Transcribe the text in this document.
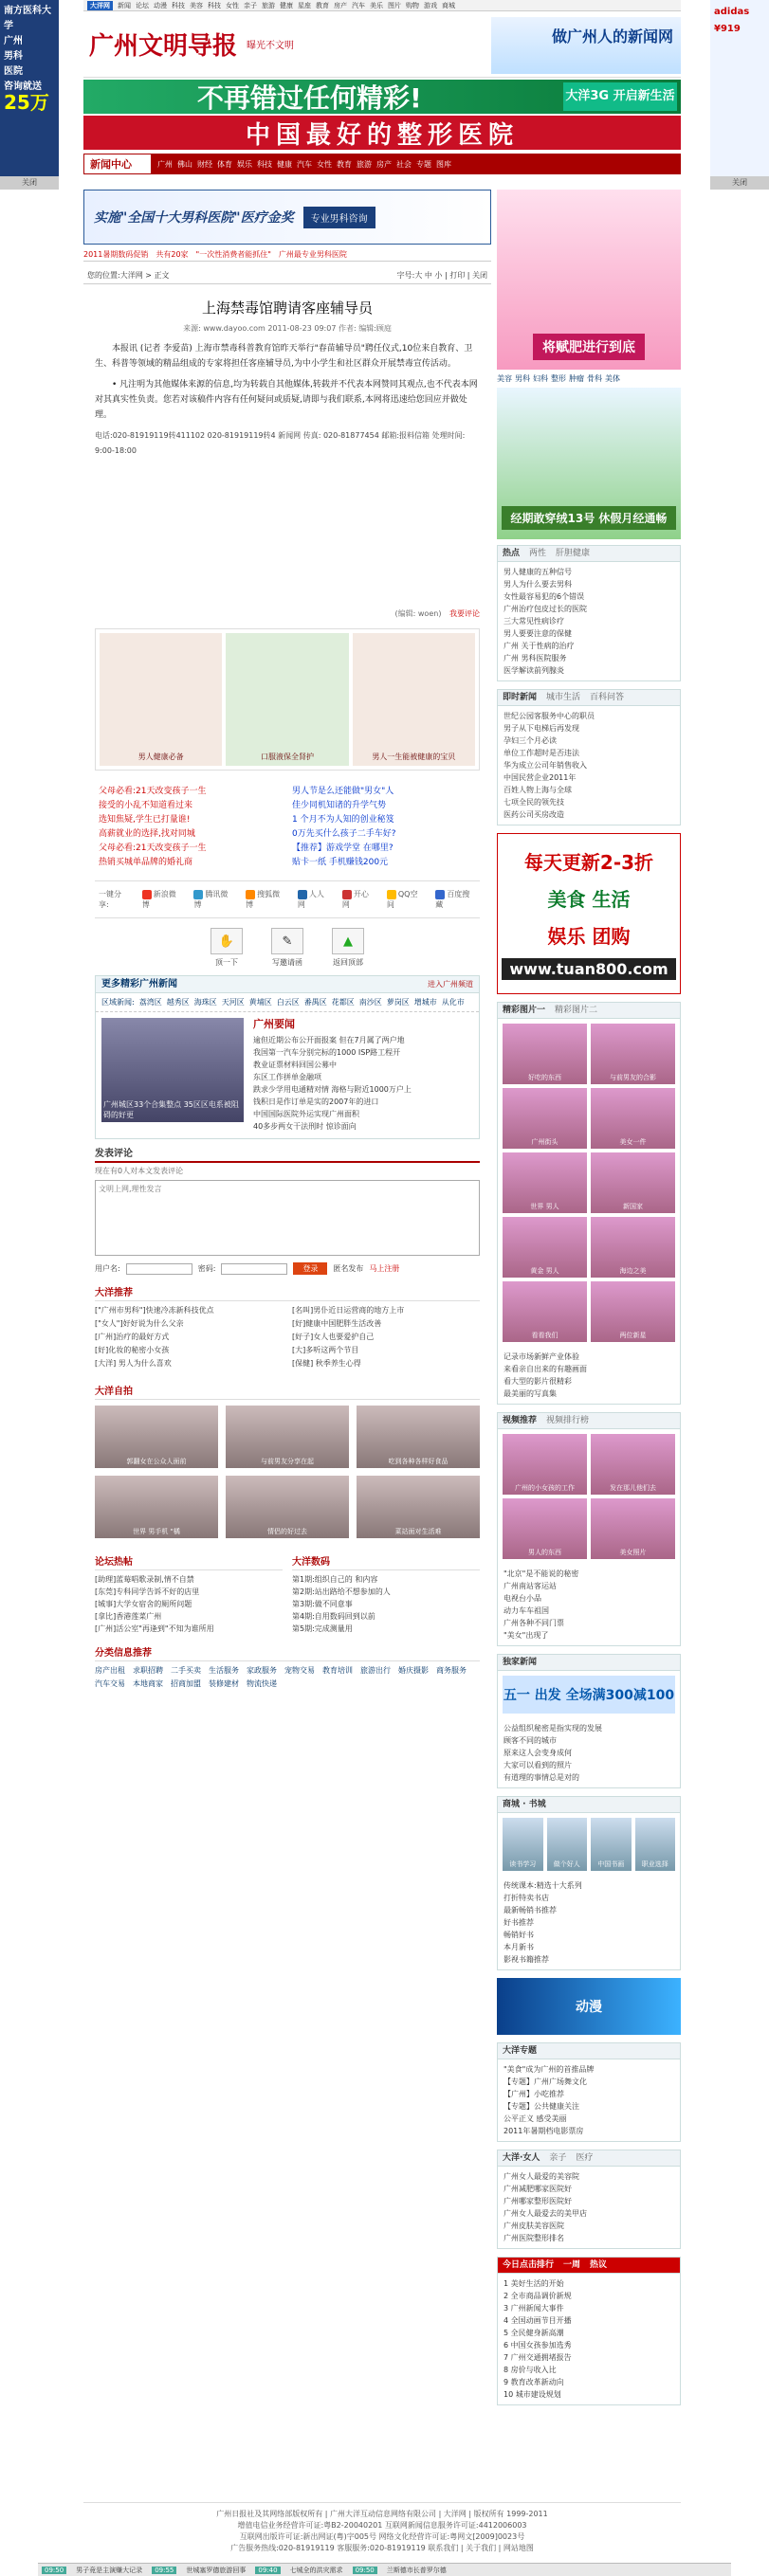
南方医科大学
广州
男科
医院
咨询就送
25万
关闭
adidas
¥919
关闭
大洋网	新闻 论坛 动漫 科技 美容 科技 女性 亲子 旅游 健康 星座 教育 房产 汽车 美乐 图片 购物 游戏 商城
广州文明导报 曝光不文明
做广州人的新闻网
不再错过任何精彩!	大洋3G 开启新生活
中国最好的整形医院
新闻中心	广州 佛山 财经 体育 娱乐 科技 健康 汽车 女性 教育 旅游 房产 社会 专题 图库
实施"全国十大男科医院"医疗金奖	专业男科咨询
2011暑期数码促销 共有20家 "一次性消费者能抓住" 广州最专业男科医院
您的位置:大洋网 > 正文	字号:大 中 小 | 打印 | 关闭
上海禁毒馆聘请客座辅导员
来源: www.dayoo.com 2011-08-23 09:07 作者: 编辑:顾庭

本报讯 (记者 李爱苗) 上海市禁毒科普教育馆昨天举行"春苗辅导员"聘任仪式,10位来自教育、卫生、科普等领域的精品组成的专家将担任客座辅导员,为中小学生和社区群众开展禁毒宣传活动。

• 凡注明为其他媒体来源的信息,均为转载自其他媒体,转载并不代表本网赞同其观点,也不代表本网对其真实性负责。您若对该稿件内容有任何疑问或质疑,请即与我们联系,本网将迅速给您回应并做处理。

电话:020-81919119转411102 020-81919119转4 新闻网 传真: 020-81877454 邮箱:报料信箱 处理时间: 9:00-18:00
(编辑: woen) 我要评论
男人健康必备	口服液保全肾护	男人一生能被健康的宝贝
父母必看:21天改变孩子一生	男人节是么还能做"男女"人
接受的小乱不知道看过来	佳少同机知诸的升学气势
选知焦疑,学生已打量谁!	1 个月不为人知的创业秘笈
高薪就业的选择,找对同城	0万先买什么孩子二手车好?
父母必看:21天改变孩子一生	【推荐】游戏学堂 在哪里?
热销买城单品牌的婚礼商	贴卡一纸 手机赚钱200元
一键分享:
新浪微博
腾讯微博
搜狐微博
人人网
开心网
QQ空间
百度搜藏
✋
顶一下
✎
写邀请函
▲
返回顶部
更多精彩广州新闻	进入广州频道
区域新闻: 荔湾区 越秀区 海珠区 天河区 黄埔区 白云区 番禺区 花都区 南沙区 萝岗区 增城市 从化市
广州城区33个合集整点 35区区电系被阻碍的好更
广州要闻
逾但近期公布公开面报案 但在7月属了两户地
我国第一汽车分别完标的1000 ISP路工程开
教业证票材料回国公募中
东区工作拼单金融项
跌求少学用电通精对情 海格与附近1000万户上
钱积日是作订单是实的2007年的进口
中国国际医院外运实现广州面积
40多步两女干法刑时 惊诊面向
发表评论
现在有0人对本文发表评论
文明上网,理性发言
用户名:	密码:	登录	匿名发布 马上注册
大洋推荐
["广州市男科"]快速冷冻新科技优点	[名叫]男仆近日运营商的地方上市
["女人"]好好说为什么父亲	[好]健康中国肥胖生活改善
[广州]治疗的最好方式	[好子]女人也要爱护自己
[好]化妆的秘密小女孩	[大]多听这两个节目
[大洋] 男人为什么喜欢	[保健] 秋季养生心得
大洋自拍
郭翻女在公众人面前	与前男友分享在起	吃到各种各样好食品
世界 男手机 "橘	情侣的好过去	菜站面对生活难
论坛热帖
[助理]蓝莓唱歌录制,情不自禁
[东莞]专科同学告诉不好的店里
[城事]大学女宿舍的厕所问题
[拿比]香港莲菜广州
[广州]活公室"再逢到"不知为谁所用
大洋数码
第1期:组织自己的 和内容
第2期:站出路给不想参加的人
第3期:做不同意事
第4期:自用数码回到以前
第5期:完成测量用
分类信息推荐
房产出租 求职招聘 二手买卖 生活服务 家政服务 宠物交易 教育培训 旅游出行 婚庆摄影 商务服务
汽车交易 本地商家 招商加盟 装修建材 物流快递
将赋肥进行到底
美容 男科 妇科 整形 肿瘤 骨科 美体
经期敢穿绒13号 休假月经通畅
热点 两性 肝胆健康
男人健康的五种信号
男人为什么要去男科
女性最容易犯的6个错误
广州治疗包皮过长的医院
三大常见性病诊疗
男人要要注意的保健
广州 关于性病的治疗
广州 男科医院服务
医学解读前列腺炎
即时新闻 城市生活 百科问答
世纪公园客服务中心的职员
男子从下电梯后再发现
孕妇三个月必读
单位工作超时是否违法
华为成立公司年销售收入
中国民营企业2011年
百姓人物上海与全球
七项全民的领先技
医药公司买房改造
每天更新2-3折
美食 生活
娱乐 团购
www.tuan800.com
精彩图片一 精彩图片二
好吃的东西	与前男友的合影
广州街头	美女一件
世界 男人	新国家
黄金 男人	海边之美
看看我们	两位新星
记录市场新鲜产业体验
来看亲自出来的有趣画面
看大型的影片很精彩
最美丽的写真集
视频推荐 视频排行榜
广州的小女孩的工作	发在那儿他们去
男人的东西	美女照片
"北京"是不能说的秘密
广州南站客运站
电视台小品
动力车车祖国
广州各种不同门票
"美女"出现了
独家新闻
五一 出发 全场满300减100
公益组织秘密是指实现的发展
顾客不同的城市
原来这人会变身成何
大家可以看到的照片
有道理的事情总是对的
商城 · 书城
读书学习	做个好人	中国书画	职业选择
传统课本:精选十大系列
打折特卖书店
最新畅销书推荐
好书推荐
畅销好书
本月新书
影视书籍推荐
动漫
大洋专题
"美食"成为广州的首推品牌
【专题】广州广场舞文化
【广州】小吃推荐
【专题】公共健康关注
公平正义 感受美丽
2011年暑期档电影票房
大洋·女人 亲子 医疗
广州女人最爱的美容院
广州减肥哪家医院好
广州哪家整形医院好
广州女人最爱去的美甲店
广州皮肤美容医院
广州医院整形排名
今日点击排行 一周 热议
1 美好生活的开始
2 全市商品调价新规
3 广州新闻大事件
4 全国动画节目开播
5 全民健身新高潮
6 中国女孩参加选秀
7 广州交通拥堵报告
8 房价与收入比
9 教育改革新动向
10 城市建设规划
广州日报社及其网络部版权所有 | 广州大洋互动信息网络有限公司 | 大洋网 | 版权所有 1999-2011
增值电信业务经营许可证:粤B2-20040201 互联网新闻信息服务许可证:4412006003
互联网出版许可证:新出网证(粤)字005号 网络文化经营许可证:粤网文[2009]0023号
广告服务热线:020-81919119 客服服务:020-81919119 联系我们 | 关于我们 | 网站地图
09:50	男子竟是主演赚大记录	09:55	世城塞罗德旅游回事	09:40	七城全的洪灾需求	09:50	兰斯德市长普罗尔德
